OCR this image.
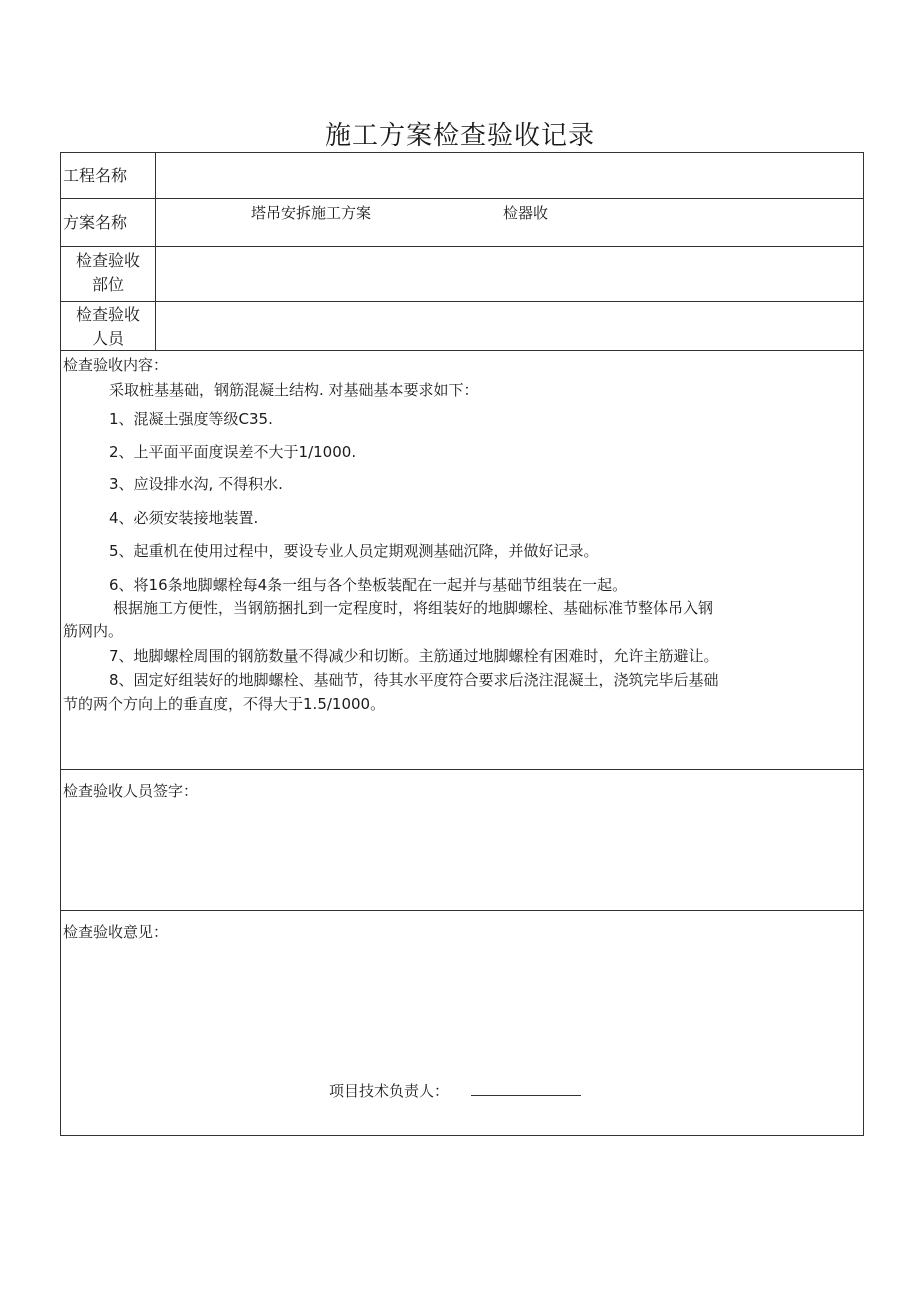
施工方案检查验收记录
工程名称
方案名称	塔吊安拆施工方案	检器收
检查验收
部位
检查验收
人员
检查验收内容：
采取桩基基础，钢筋混凝土结构. 对基础基本要求如下：
1、混凝土强度等级C35.
2、上平面平面度误差不大于1/1000.
3、应设排水沟, 不得积水.
4、必须安装接地装置.
5、起重机在使用过程中，要设专业人员定期观测基础沉降，并做好记录。
6、将16条地脚螺栓每4条一组与各个垫板装配在一起并与基础节组装在一起。
根据施工方便性，当钢筋捆扎到一定程度时，将组装好的地脚螺栓、基础标准节整体吊入钢
筋网内。
7、地脚螺栓周围的钢筋数量不得减少和切断。主筋通过地脚螺栓有困难时，允许主筋避让。
8、固定好组装好的地脚螺栓、基础节，待其水平度符合要求后浇注混凝土，浇筑完毕后基础
节的两个方向上的垂直度，不得大于1.5/1000。
检查验收人员签字：
检查验收意见：
项目技术负责人：
